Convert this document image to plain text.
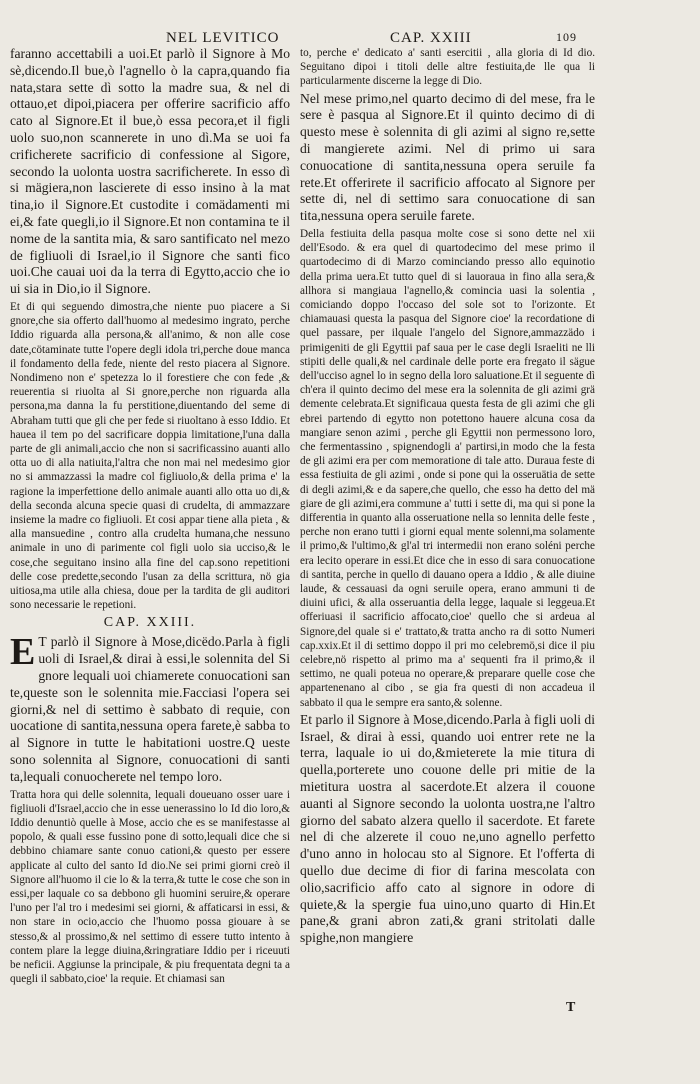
NEL LEVITICO	CAP. XXIII	109

faranno accettabili a uoi.Et parlò il Signore à Mo sè,dicendo.Il bue,ò l'agnello ò la capra,quando fia nata,stara sette dì sotto la madre sua, & nel di ottauo,et dipoi,piacera per offerire sacrificio affo cato al Signore.Et il bue,ò essa pecora,et il figli uolo suo,non scannerete in uno dì.Ma se uoi fa crificherete sacrificio di confessione al Sigore, secondo la uolonta uostra sacrificherete. In esso dì si mägiera,non lascierete di esso insino à la mat tina,io il Signore.Et custodite i comädamenti mi ei,& fate quegli,io il Signore.Et non contamina te il nome de la santita mia, & saro santificato nel mezo de figliuoli di Israel,io il Signore che santi fico uoi.Che cauai uoi da la terra di Egytto,accio che io ui sia in Dio,io il Signore.

Et di qui seguendo dimostra,che niente puo piacere a Si gnore,che sia offerto dall'huomo al medesimo ingrato, perche Iddio riguarda alla persona,& all'animo, & non alle cose date,cötaminate tutte l'opere degli idola tri,perche doue manca il fondamento della fede, niente del resto piacera al Signore. Nondimeno non e' spetezza lo il forestiere che con fede ,& reuerentia si riuolta al Si gnore,perche non riguarda alla persona,ma danna la fu perstitione,diuentando del seme di Abraham tutti que gli che per fede si riuoltano à esso Iddio. Et hauea il tem po del sacrificare doppia limitatione,l'una dalla parte de gli animali,accio che non si sacrificassino auanti allo otta uo di alla natiuita,l'altra che non mai nel medesimo gior no si ammazzassi la madre col figliuolo,& della prima e' la ragione la imperfettione dello animale auanti allo otta uo di,& della seconda alcuna specie quasi di crudelta, di ammazzare insieme la madre co figliuoli. Et cosi appar tiene alla pieta , & alla mansuedine , contro alla crudelta humana,che nessuno animale in uno di parimente col figli uolo sia ucciso,& le cose,che seguitano insino alla fine del cap.sono repetitioni delle cose predette,secondo l'usan za della scrittura, nö gia uitiosa,ma utile alla chiesa, doue per la tardita de gli auditori sono necessarie le repetioni.

CAP. XXIII.

E T parlò il Signore à Mose,dicëdo.Parla à figli uoli di Israel,& dirai à essi,le solennita del Si gnore lequali uoi chiamerete conuocationi san te,queste son le solennita mie.Facciasi l'opera sei giorni,& nel di settimo è sabbato di requie, con uocatione di santita,nessuna opera farete,è sabba to al Signore in tutte le habitationi uostre.Q ueste sono solennita al Signore, conuocationi di santi ta,lequali conuocherete nel tempo loro.

Tratta hora qui delle solennita, lequali doueuano osser uare i figliuoli d'Israel,accio che in esse uenerassino lo Id dio loro,& Iddio denuntiò quelle à Mose, accio che es se manifestasse al popolo, & quali esse fussino pone di sotto,lequali dice che si debbino chiamare sante conuo cationi,& questo per essere applicate al culto del santo Id dio.Ne sei primi giorni creò il Signore all'huomo il cie lo & la terra,& tutte le cose che son in essi,per laquale co sa debbono gli huomini seruire,& operare l'uno per l'al tro i medesimi sei giorni, & affaticarsi in essi, & non stare in ocio,accio che l'huomo possa giouare à se stesso,& al prossimo,& nel settimo di essere tutto intento à contem plare la legge diuina,&ringratiare Iddio per i riceuuti be neficii. Aggiunse la principale, & piu frequentata degni ta a quegli il sabbato,cioe' la requie. Et chiamasi san

to, perche e' dedicato a' santi esercitii , alla gloria di Id dio. Seguitano dipoi i titoli delle altre festiuita,de lle qua li particularmente discerne la legge di Dio.

Nel mese primo,nel quarto decimo di del mese, fra le sere è pasqua al Signore.Et il quinto decimo di di questo mese è solennita di gli azimi al signo re,sette di mangierete azimi. Nel di primo ui sara conuocatione di santita,nessuna opera seruile fa rete.Et offerirete il sacrificio affocato al Signore per sette di, nel di settimo sara conuocatione di san tita,nessuna opera seruile farete.

Della festiuita della pasqua molte cose si sono dette nel xii dell'Esodo. & era quel di quartodecimo del mese primo il quartodecimo di di Marzo cominciando presso allo equinotio della prima uera.Et tutto quel di si lauoraua in fino alla sera,& allhora si mangiaua l'agnello,& comincia uasi la solentia , comiciando doppo l'occaso del sole sot to l'orizonte. Et chiamauasi questa la pasqua del Signore cioe' la recordatione di quel passare, per ilquale l'angelo del Signore,ammazzädo i primigeniti de gli Egyttii paf saua per le case degli Israeliti ne lli stipiti delle quali,& nel cardinale delle porte era fregato il sägue dell'ucciso agnel lo in segno della loro saluatione.Et il seguente dì ch'era il quinto decimo del mese era la solennita de gli azimi grä demente celebrata.Et significaua questa festa de gli azimi che gli ebrei partendo di egytto non potettono hauere alcuna cosa da mangiare senon azimi , perche gli Egyttii non permessono loro, che fermentassino , spignendogli a' partirsi,in modo che la festa de gli azimi era per com memoratione di tale atto. Duraua feste di essa festiuita de gli azimi , onde si pone qui la osseruätia de sette di degli azimi,& e da sapere,che quello, che esso ha detto del mä giare de gli azimi,era commune a' tutti i sette di, ma qui si pone la differentia in quanto alla osseruatione nella so lennita delle feste , perche non erano tutti i giorni equal mente solenni,ma solamente il primo,& l'ultimo,& gl'al tri intermedii non erano soléni perche era lecito operare in essi.Et dice che in esso di sara conuocatione di santita, perche in quello di dauano opera a Iddio , & alle diuine laude, & cessauasi da ogni seruile opera, erano ammuni ti de diuini ufici, & alla osseruantia della legge, laquale si leggeua.Et offeriuasi il sacrificio affocato,cioe' quello che si ardeua al Signore,del quale si e' trattato,& tratta ancho ra di sotto Numeri cap.xxix.Et il di settimo doppo il pri mo celebremö,si dice il piu celebre,nö rispetto al primo ma a' sequenti fra il primo,& il settimo, ne quali poteua no operare,& preparare quelle cose che appartenenano al cibo , se gia fra questi di non accadeua il sabbato il qua le sempre era santo,& solenne.

Et parlo il Signore à Mose,dicendo.Parla à figli uoli di Israel, & dirai à essi, quando uoi entrer rete ne la terra, laquale io ui do,&mieterete la mie titura di quella,porterete uno couone delle pri mitie de la mietitura uostra al sacerdote.Et alzera il couone auanti al Signore secondo la uolonta uostra,ne l'altro giorno del sabato alzera quello il sacerdote. Et farete nel di che alzerete il couo ne,uno agnello perfetto d'uno anno in holocau sto al Signore. Et l'offerta di quello due decime di fior di farina mescolata con olio,sacrificio affo cato al signore in odore di quiete,& la spergie fua uino,uno quarto di Hin.Et pane,& grani abron zati,& grani stritolati dalle spighe,non mangiere

T
